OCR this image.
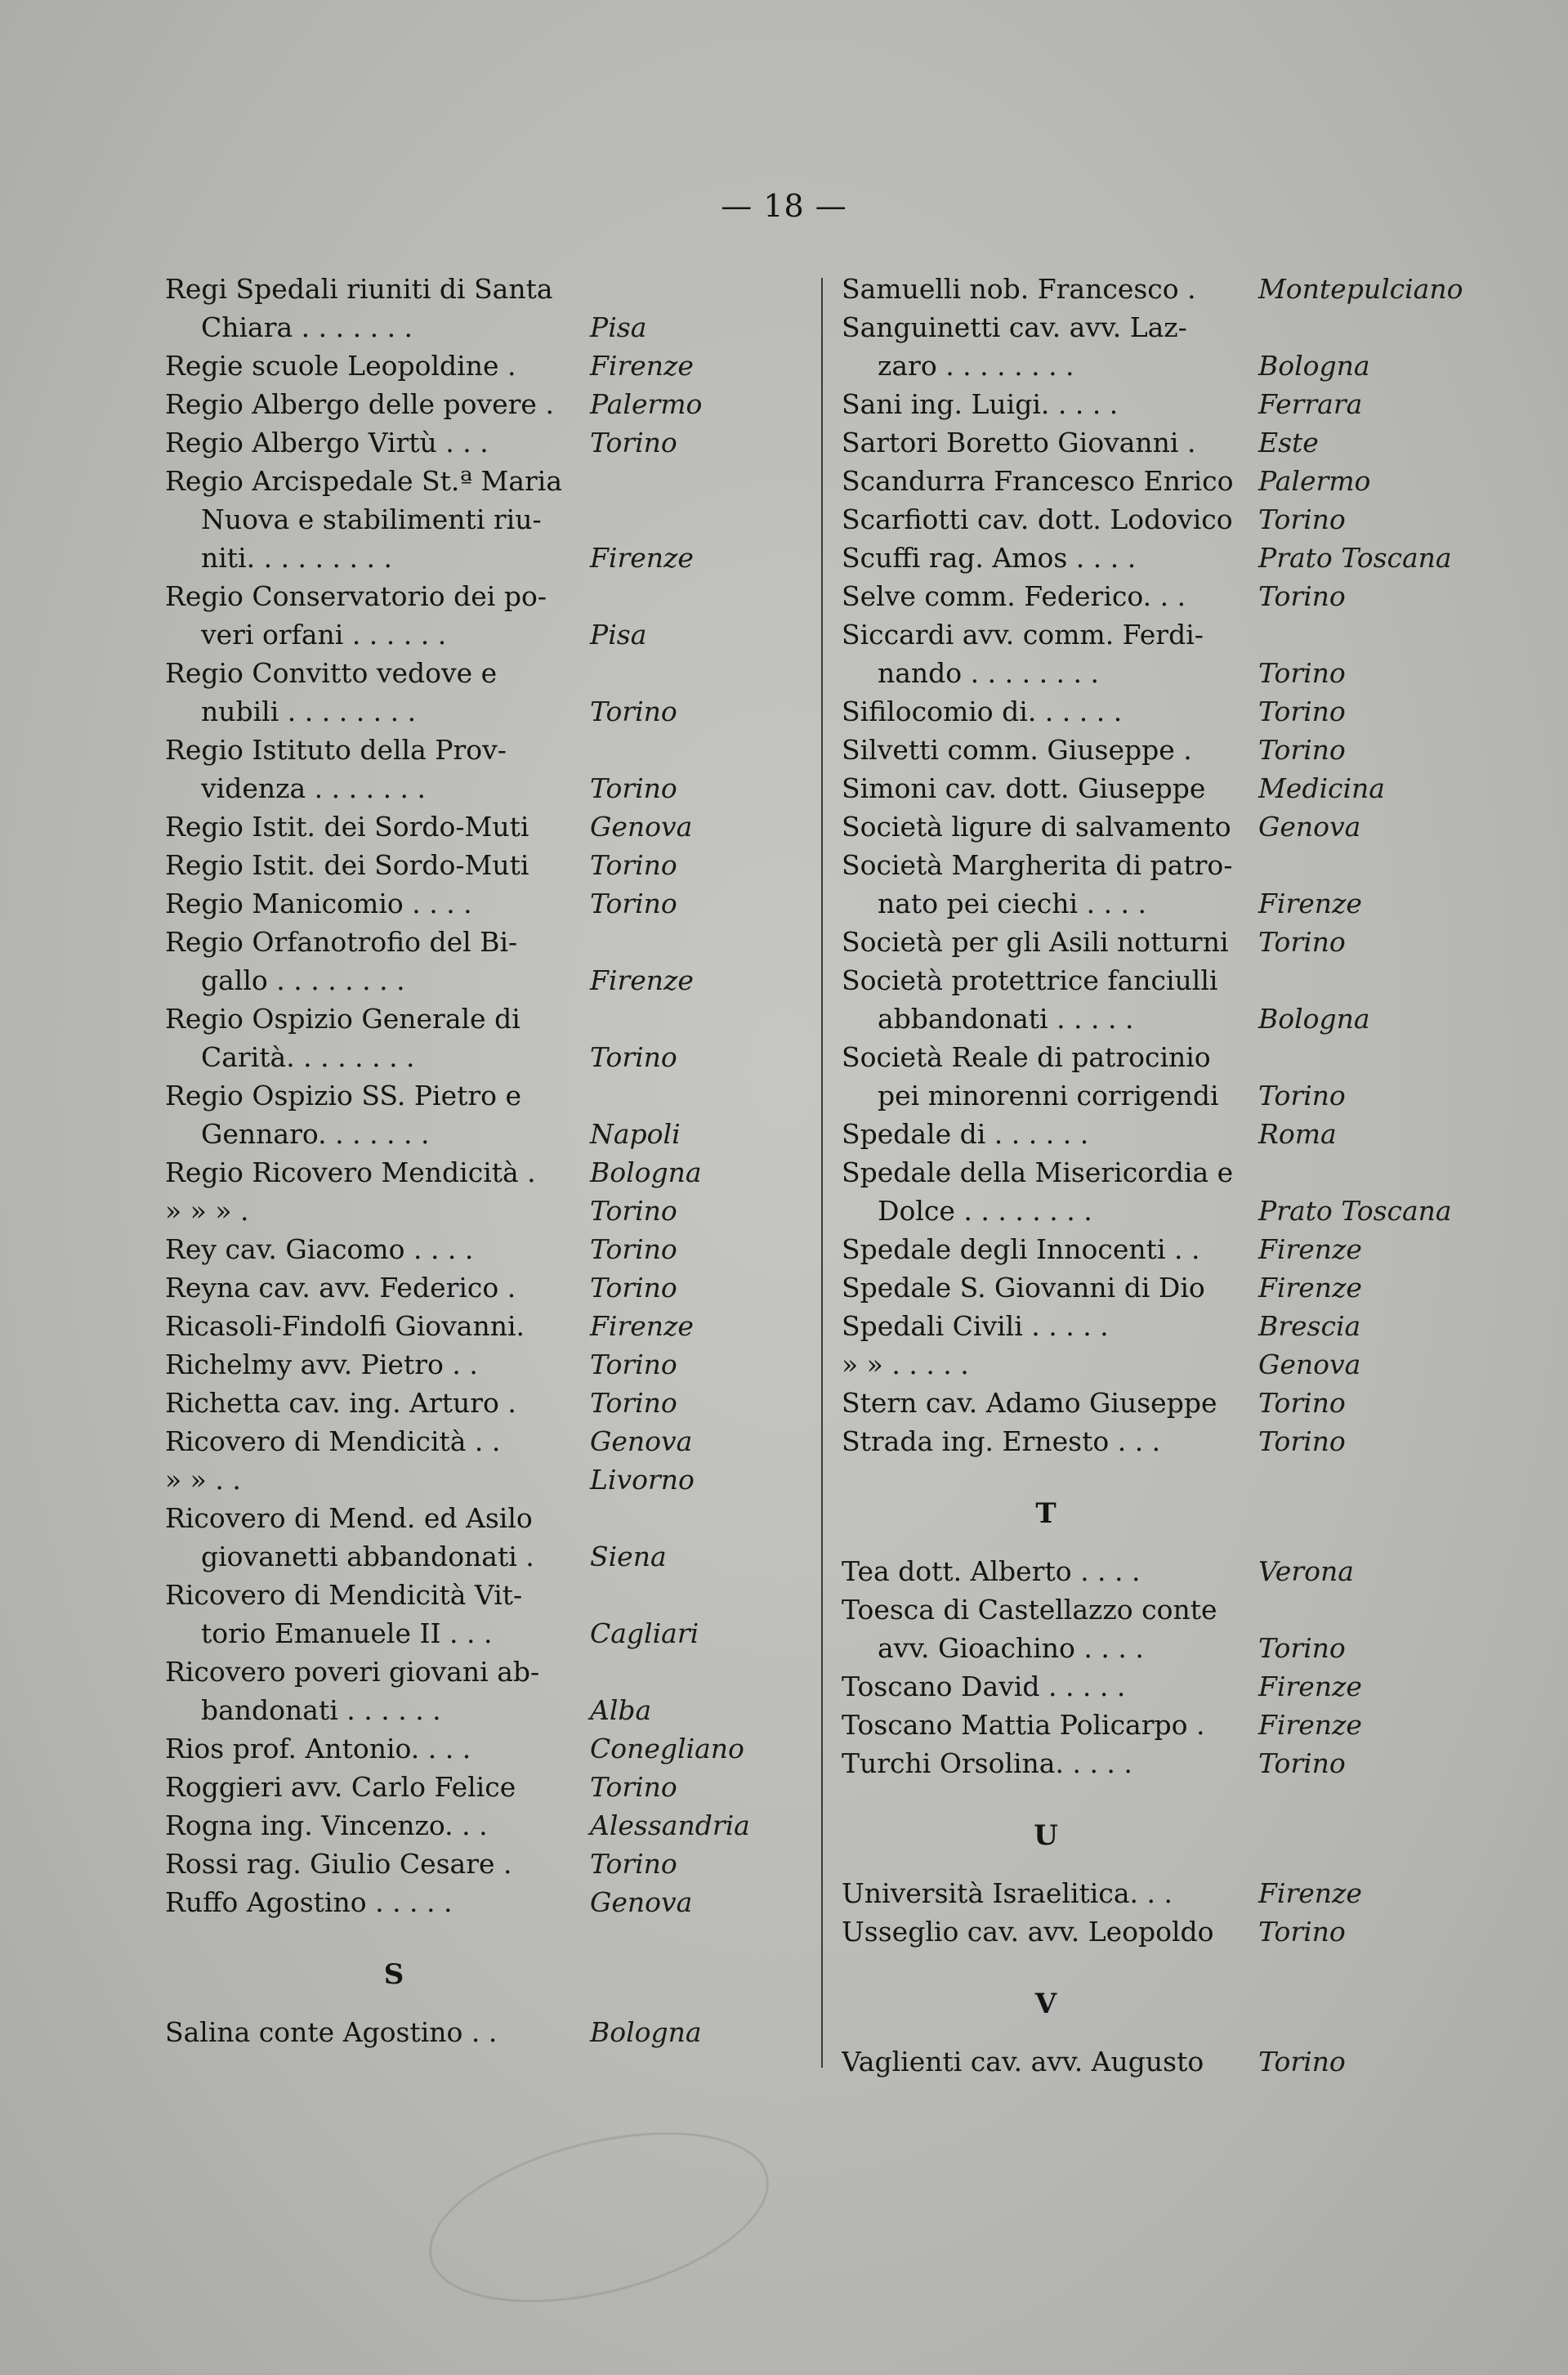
— 18 —
Regi Spedali riuniti di Santa
Chiara . . . . . . .	Pisa
Regie scuole Leopoldine .	Firenze
Regio Albergo delle povere .	Palermo
Regio Albergo Virtù . . .	Torino
Regio Arcispedale St.ª Maria
Nuova e stabilimenti riu-
niti. . . . . . . . .	Firenze
Regio Conservatorio dei po-
veri orfani . . . . . .	Pisa
Regio Convitto vedove e
nubili . . . . . . . .	Torino
Regio Istituto della Prov-
videnza . . . . . . .	Torino
Regio Istit. dei Sordo-Muti	Genova
Regio Istit. dei Sordo-Muti	Torino
Regio Manicomio . . . .	Torino
Regio Orfanotrofio del Bi-
gallo . . . . . . . .	Firenze
Regio Ospizio Generale di
Carità. . . . . . . .	Torino
Regio Ospizio SS. Pietro e
Gennaro. . . . . . .	Napoli
Regio Ricovero Mendicità .	Bologna
» » » .	Torino
Rey cav. Giacomo . . . .	Torino
Reyna cav. avv. Federico .	Torino
Ricasoli-Findolfi Giovanni.	Firenze
Richelmy avv. Pietro . .	Torino
Richetta cav. ing. Arturo .	Torino
Ricovero di Mendicità . .	Genova
» » . .	Livorno
Ricovero di Mend. ed Asilo
giovanetti abbandonati .	Siena
Ricovero di Mendicità Vit-
torio Emanuele II . . .	Cagliari
Ricovero poveri giovani ab-
bandonati . . . . . .	Alba
Rios prof. Antonio. . . .	Conegliano
Roggieri avv. Carlo Felice	Torino
Rogna ing. Vincenzo. . .	Alessandria
Rossi rag. Giulio Cesare .	Torino
Ruffo Agostino . . . . .	Genova
S
Salina conte Agostino . .	Bologna
Samuelli nob. Francesco .	Montepulciano
Sanguinetti cav. avv. Laz-
zaro . . . . . . . .	Bologna
Sani ing. Luigi. . . . .	Ferrara
Sartori Boretto Giovanni .	Este
Scandurra Francesco Enrico Palermo
Scarfiotti cav. dott. Lodovico Torino
Scuffi rag. Amos . . . .	Prato Toscana
Selve comm. Federico. . .	Torino
Siccardi avv. comm. Ferdi-
nando . . . . . . . .	Torino
Sifilocomio di. . . . . .	Torino
Silvetti comm. Giuseppe .	Torino
Simoni cav. dott. Giuseppe	Medicina
Società ligure di salvamento	Genova
Società Margherita di patro-
nato pei ciechi . . . .	Firenze
Società per gli Asili notturni	Torino
Società protettrice fanciulli
abbandonati . . . . .	Bologna
Società Reale di patrocinio
pei minorenni corrigendi	Torino
Spedale di . . . . . .	Roma
Spedale della Misericordia e
Dolce . . . . . . . .	Prato Toscana
Spedale degli Innocenti . .	Firenze
Spedale S. Giovanni di Dio	Firenze
Spedali Civili . . . . .	Brescia
» » . . . . .	Genova
Stern cav. Adamo Giuseppe	Torino
Strada ing. Ernesto . . .	Torino
T
Tea dott. Alberto . . . .	Verona
Toesca di Castellazzo conte
avv. Gioachino . . . .	Torino
Toscano David . . . . .	Firenze
Toscano Mattia Policarpo .	Firenze
Turchi Orsolina. . . . .	Torino
U
Università Israelitica. . .	Firenze
Usseglio cav. avv. Leopoldo	Torino
V
Vaglienti cav. avv. Augusto	Torino
